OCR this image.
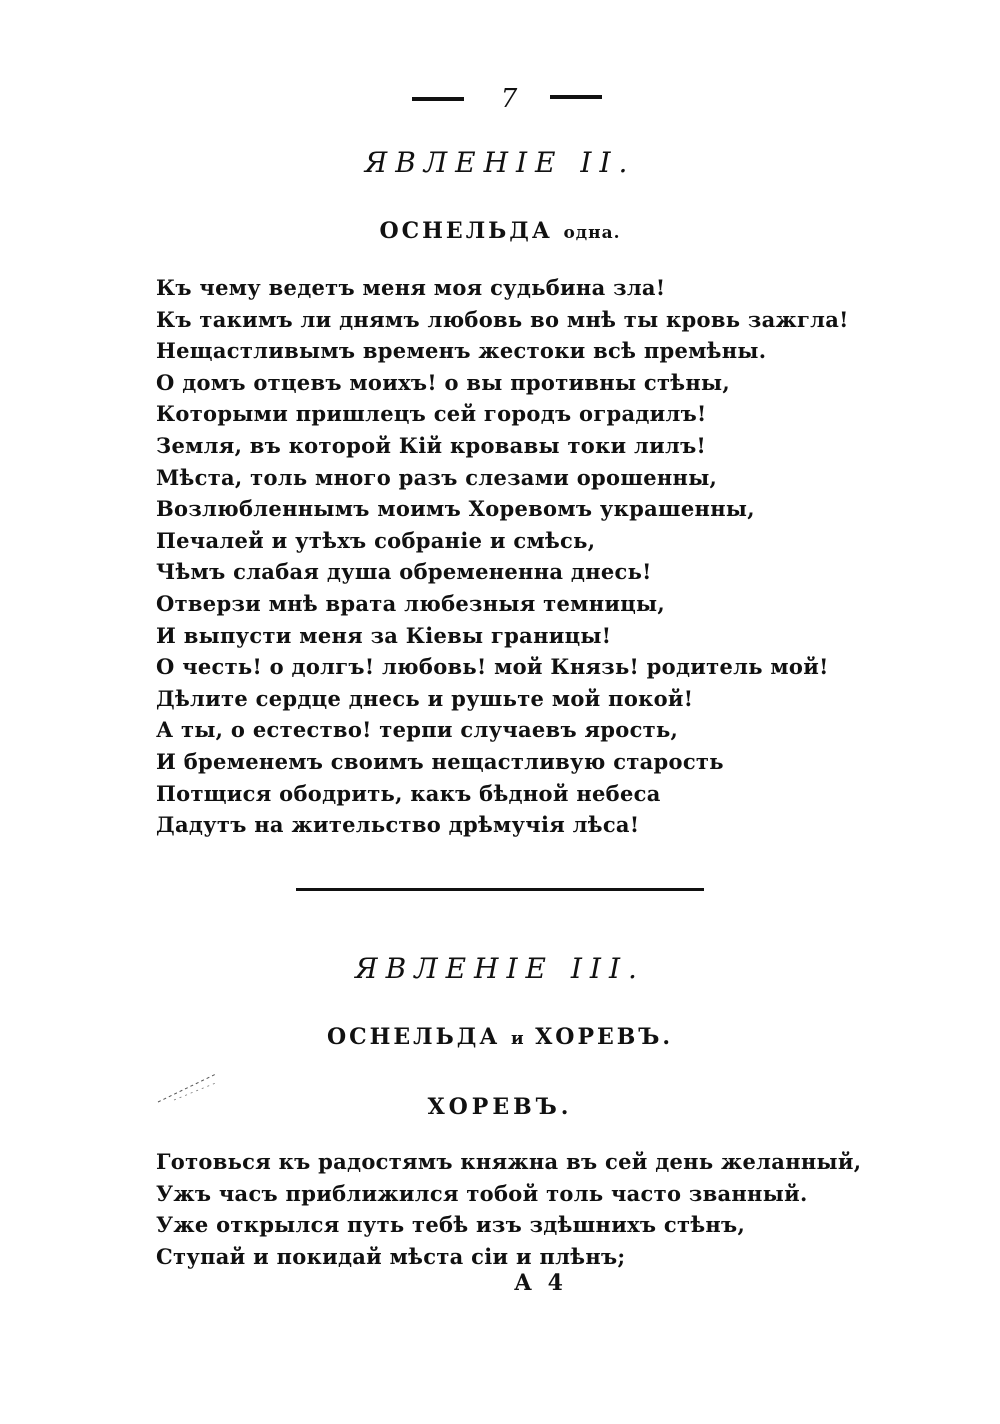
7
ЯВЛЕНІЕ II.
ОСНЕЛЬДА одна.
Къ чему ведетъ меня моя судьбина зла!
Къ такимъ ли днямъ любовь во мнѣ ты кровь зажгла!
Нещастливымъ временъ жестоки всѣ премѣны.
О домъ отцевъ моихъ! о вы противны стѣны,
Которыми пришлецъ сей городъ оградилъ!
Земля, въ которой Кій кровавы токи лилъ!
Мѣста, толь много разъ слезами орошенны,
Возлюбленнымъ моимъ Хоревомъ украшенны,
Печалей и утѣхъ собраніе и смѣсь,
Чѣмъ слабая душа обремененна днесь!
Отверзи мнѣ врата любезныя темницы,
И выпусти меня за Кіевы границы!
О честь! о долгъ! любовь! мой Князь! родитель мой!
Дѣлите сердце днесь и рушьте мой покой!
А ты, о естество! терпи случаевъ ярость,
И бременемъ своимъ нещастливую старость
Потщися ободрить, какъ бѣдной небеса
Дадутъ на жительство дрѣмучія лѣса!
ЯВЛЕНІЕ III.
ОСНЕЛЬДА и ХОРЕВЪ.
ХОРЕВЪ.
Готовься къ радостямъ княжна въ сей день желанный,
Ужъ часъ приближился тобой толь часто званный.
Уже открылся путь тебѣ изъ здѣшнихъ стѣнъ,
Ступай и покидай мѣста сіи и плѣнъ;
А 4
